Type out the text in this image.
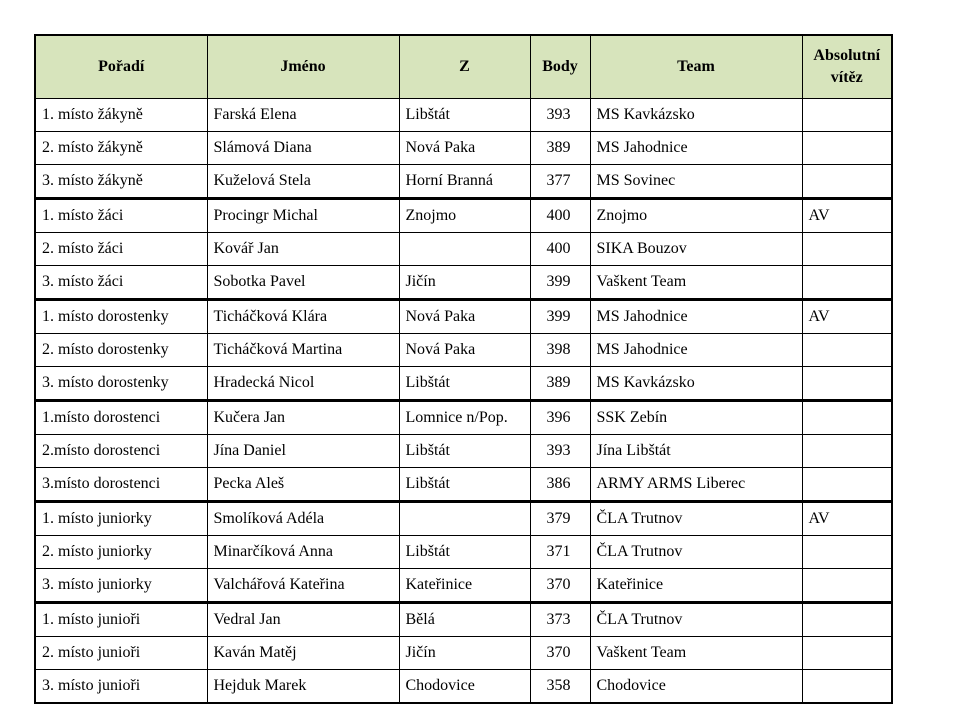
Pořadí	Jméno	Z	Body	Team	Absolutní
vítěz
1. místo žákyně	Farská Elena	Libštát	393	MS Kavkázsko	
2. místo žákyně	Slámová Diana	Nová Paka	389	MS Jahodnice	
3. místo žákyně	Kuželová Stela	Horní Branná	377	MS Sovinec	
1. místo žáci	Procingr Michal	Znojmo	400	Znojmo	AV
2. místo žáci	Kovář Jan		400	SIKA Bouzov	
3. místo žáci	Sobotka Pavel	Jičín	399	Vaškent Team	
1. místo dorostenky	Ticháčková Klára	Nová Paka	399	MS Jahodnice	AV
2. místo dorostenky	Ticháčková Martina	Nová Paka	398	MS Jahodnice	
3. místo dorostenky	Hradecká Nicol	Libštát	389	MS Kavkázsko	
1.místo dorostenci	Kučera Jan	Lomnice n/Pop.	396	SSK Zebín	
2.místo dorostenci	Jína Daniel	Libštát	393	Jína Libštát	
3.místo dorostenci	Pecka Aleš	Libštát	386	ARMY ARMS Liberec	
1. místo juniorky	Smolíková Adéla		379	ČLA Trutnov	AV
2. místo juniorky	Minarčíková Anna	Libštát	371	ČLA Trutnov	
3. místo juniorky	Valchářová Kateřina	Kateřinice	370	Kateřinice	
1. místo junioři	Vedral Jan	Bělá	373	ČLA Trutnov	
2. místo junioři	Kaván Matěj	Jičín	370	Vaškent Team	
3. místo junioři	Hejduk Marek	Chodovice	358	Chodovice	
